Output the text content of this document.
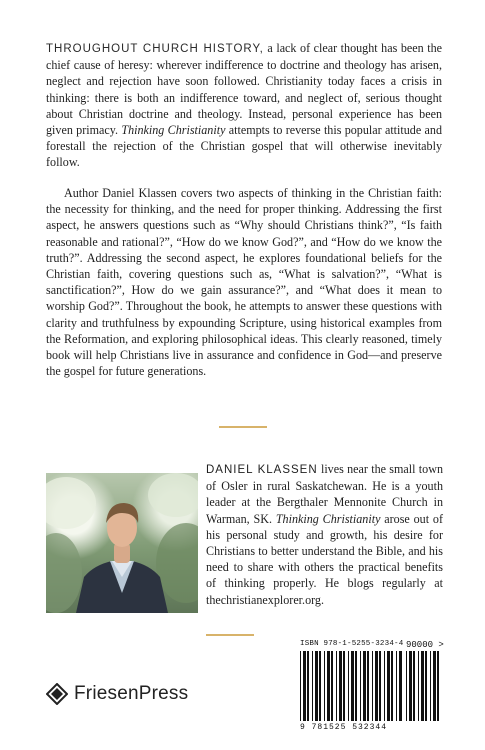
THROUGHOUT CHURCH HISTORY, a lack of clear thought has been the chief cause of heresy: wherever indifference to doctrine and theology has arisen, neglect and rejection have soon followed. Christianity today faces a crisis in thinking: there is both an indifference toward, and neglect of, serious thought about Christian doctrine and theology. Instead, personal experience has been given primacy. Thinking Christianity attempts to reverse this popular attitude and forestall the rejection of the Christian gospel that will otherwise inevitably follow.

Author Daniel Klassen covers two aspects of thinking in the Christian faith: the necessity for thinking, and the need for proper thinking. Addressing the first aspect, he answers questions such as “Why should Christians think?”, “Is faith reasonable and rational?”, “How do we know God?”, and “How do we know the truth?”. Addressing the second aspect, he explores foundational beliefs for the Christian faith, covering questions such as, “What is salvation?”, “What is sanctification?”, How do we gain assurance?”, and “What does it mean to worship God?”. Throughout the book, he attempts to answer these questions with clarity and truthfulness by expounding Scripture, using historical examples from the Reformation, and exploring philosophical ideas. This clearly reasoned, timely book will help Christians live in assurance and confidence in God—and preserve the gospel for future generations.

DANIEL KLASSEN lives near the small town of Osler in rural Saskatchewan. He is a youth leader at the Bergthaler Mennonite Church in Warman, SK. Thinking Christianity arose out of his personal study and growth, his desire for Christians to better understand the Bible, and his need to share with others the practical benefits of thinking properly. He blogs regularly at thechristianexplorer.org.

FriesenPress
ISBN 978-1-5255-3234-4 90000 >
9 781525 532344
